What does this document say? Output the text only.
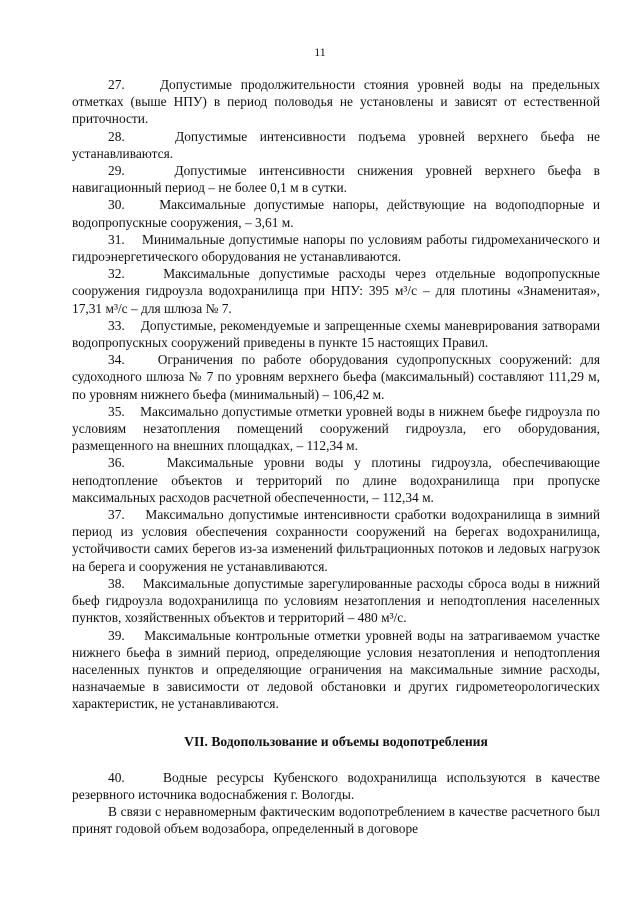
11

27.    Допустимые продолжительности стояния уровней воды на предельных отметках (выше НПУ) в период половодья не установлены и зависят от естественной приточности.

28.    Допустимые интенсивности подъема уровней верхнего бьефа не устанавливаются.

29.    Допустимые интенсивности снижения уровней верхнего бьефа в навигационный период – не более 0,1 м в сутки.

30.    Максимальные допустимые напоры, действующие на водоподпорные и водопропускные сооружения, – 3,61 м.

31.    Минимальные допустимые напоры по условиям работы гидромеханического и гидроэнергетического оборудования не устанавливаются.

32.    Максимальные допустимые расходы через отдельные водопропускные сооружения гидроузла водохранилища при НПУ: 395 м³/с – для плотины «Знаменитая», 17,31 м³/с – для шлюза № 7.

33.    Допустимые, рекомендуемые и запрещенные схемы маневрирования затворами водопропускных сооружений приведены в пункте 15 настоящих Правил.

34.    Ограничения по работе оборудования судопропускных сооружений: для судоходного шлюза № 7 по уровням верхнего бьефа (максимальный) составляют 111,29 м, по уровням нижнего бьефа (минимальный) – 106,42 м.

35.    Максимально допустимые отметки уровней воды в нижнем бьефе гидроузла по условиям незатопления помещений сооружений гидроузла, его оборудования, размещенного на внешних площадках, – 112,34 м.

36.    Максимальные уровни воды у плотины гидроузла, обеспечивающие неподтопление объектов и территорий по длине водохранилища при пропуске максимальных расходов расчетной обеспеченности, – 112,34 м.

37.    Максимально допустимые интенсивности сработки водохранилища в зимний период из условия обеспечения сохранности сооружений на берегах водохранилища, устойчивости самих берегов из-за изменений фильтрационных потоков и ледовых нагрузок на берега и сооружения не устанавливаются.

38.    Максимальные допустимые зарегулированные расходы сброса воды в нижний бьеф гидроузла водохранилища по условиям незатопления и неподтопления населенных пунктов, хозяйственных объектов и территорий – 480 м³/с.

39.    Максимальные контрольные отметки уровней воды на затрагиваемом участке нижнего бьефа в зимний период, определяющие условия незатопления и неподтопления населенных пунктов и определяющие ограничения на максимальные зимние расходы, назначаемые в зависимости от ледовой обстановки и других гидрометеорологических характеристик, не устанавливаются.

VII. Водопользование и объемы водопотребления

40.    Водные ресурсы Кубенского водохранилища используются в качестве резервного источника водоснабжения г. Вологды.

В связи с неравномерным фактическим водопотреблением в качестве расчетного был принят годовой объем водозабора, определенный в договоре
